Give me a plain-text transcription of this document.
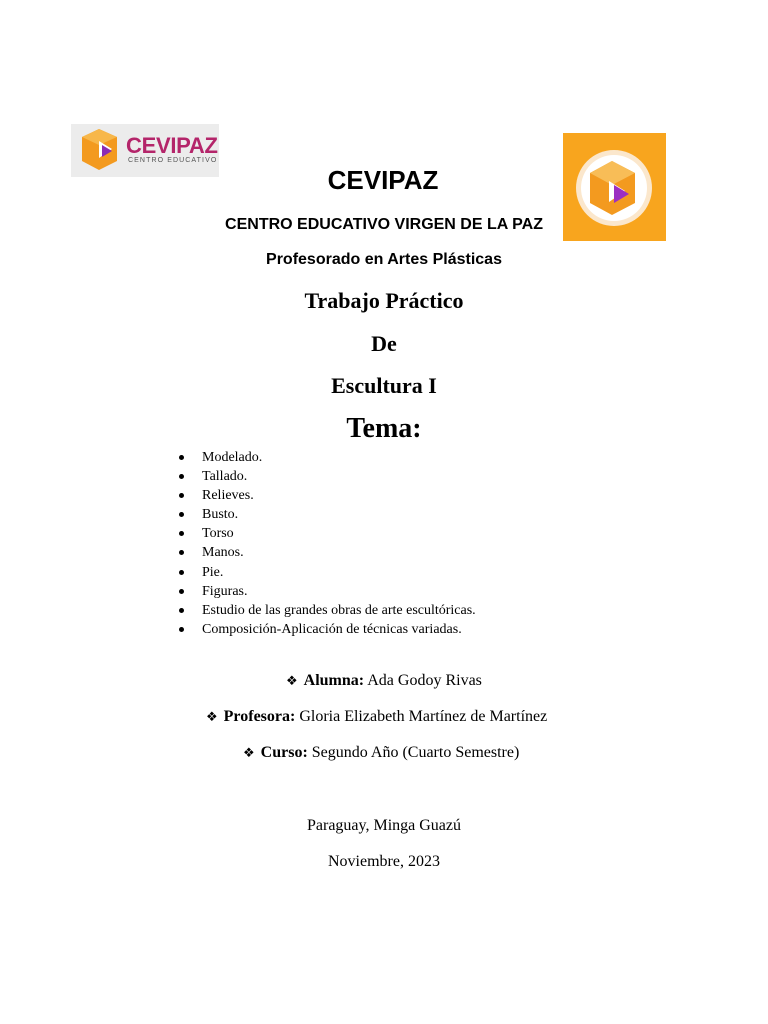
CEVIPAZ
CENTRO EDUCATIVO
CEVIPAZ
CENTRO EDUCATIVO VIRGEN DE LA PAZ
Profesorado en Artes Plásticas
Trabajo Práctico
De
Escultura I
Tema:
Modelado.
Tallado.
Relieves.
Busto.
Torso
Manos.
Pie.
Figuras.
Estudio de las grandes obras de arte escultóricas.
Composición-Aplicación de técnicas variadas.
❖ Alumna: Ada Godoy Rivas
❖ Profesora: Gloria Elizabeth Martínez de Martínez
❖ Curso: Segundo Año (Cuarto Semestre)
Paraguay, Minga Guazú
Noviembre, 2023
